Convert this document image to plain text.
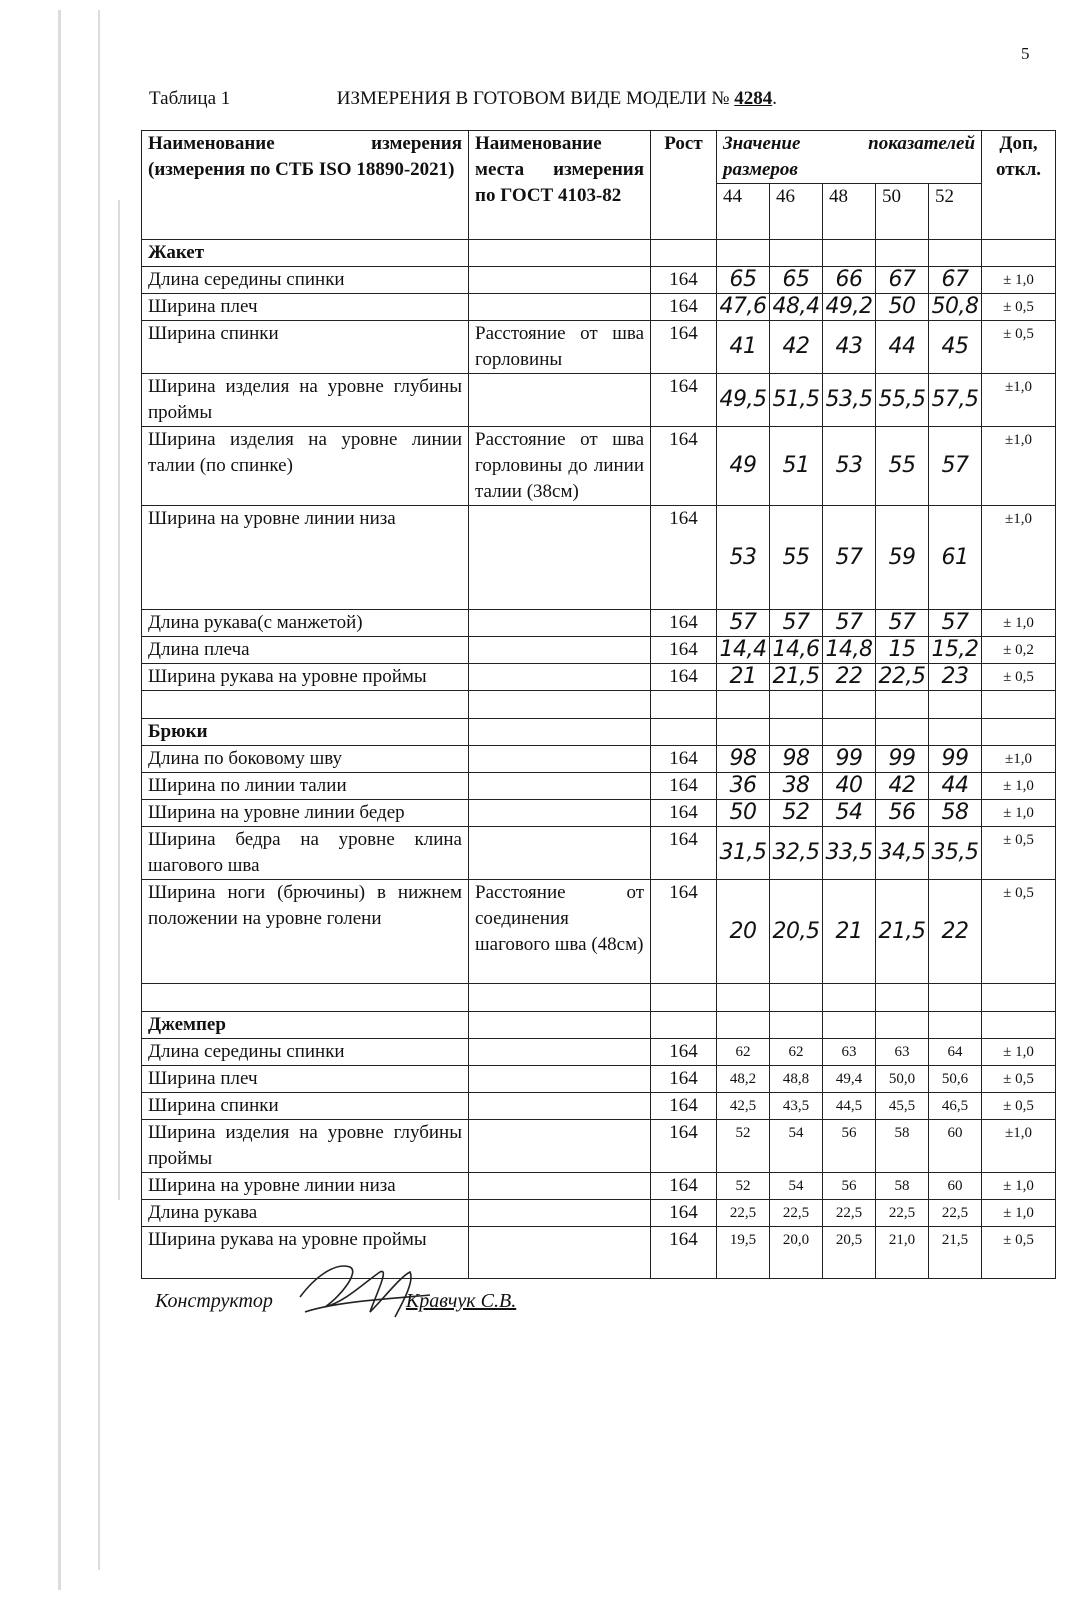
5
Таблица 1	ИЗМЕРЕНИЯ В ГОТОВОМ ВИДЕ МОДЕЛИ № 4284.
Наименование измерения (измерения по СТБ ISO 18890-2021)	Наименование места измерения по ГОСТ 4103-82	Рост	Значение показателей размеров					Доп, откл.
			44	46	48	50	52	
Жакет								
Длина середины спинки		164	65	65	66	67	67	± 1,0
Ширина плеч		164	47,6	48,4	49,2	50	50,8	± 0,5
Ширина спинки	Расстояние от шва горловины	164	41	42	43	44	45	± 0,5
Ширина изделия на уровне глубины проймы		164	49,5	51,5	53,5	55,5	57,5	±1,0
Ширина изделия на уровне линии талии (по спинке)	Расстояние от шва горловины до линии талии (38см)	164	49	51	53	55	57	±1,0
Ширина на уровне линии низа		164	53	55	57	59	61	±1,0
Длина рукава(с манжетой)		164	57	57	57	57	57	± 1,0
Длина плеча		164	14,4	14,6	14,8	15	15,2	± 0,2
Ширина рукава на уровне проймы		164	21	21,5	22	22,5	23	± 0,5

Брюки								
Длина по боковому шву		164	98	98	99	99	99	±1,0
Ширина по линии талии		164	36	38	40	42	44	± 1,0
Ширина на уровне линии бедер		164	50	52	54	56	58	± 1,0
Ширина бедра на уровне клина шагового шва		164	31,5	32,5	33,5	34,5	35,5	± 0,5
Ширина ноги (брючины) в нижнем положении на уровне голени	Расстояние от соединения шагового шва (48см)	164	20	20,5	21	21,5	22	± 0,5

Джемпер								
Длина середины спинки		164	62	62	63	63	64	± 1,0
Ширина плеч		164	48,2	48,8	49,4	50,0	50,6	± 0,5
Ширина спинки		164	42,5	43,5	44,5	45,5	46,5	± 0,5
Ширина изделия на уровне глубины проймы		164	52	54	56	58	60	±1,0
Ширина на уровне линии низа		164	52	54	56	58	60	± 1,0
Длина рукава		164	22,5	22,5	22,5	22,5	22,5	± 1,0
Ширина рукава на уровне проймы		164	19,5	20,0	20,5	21,0	21,5	± 0,5
Конструктор	Кравчук С.В.
